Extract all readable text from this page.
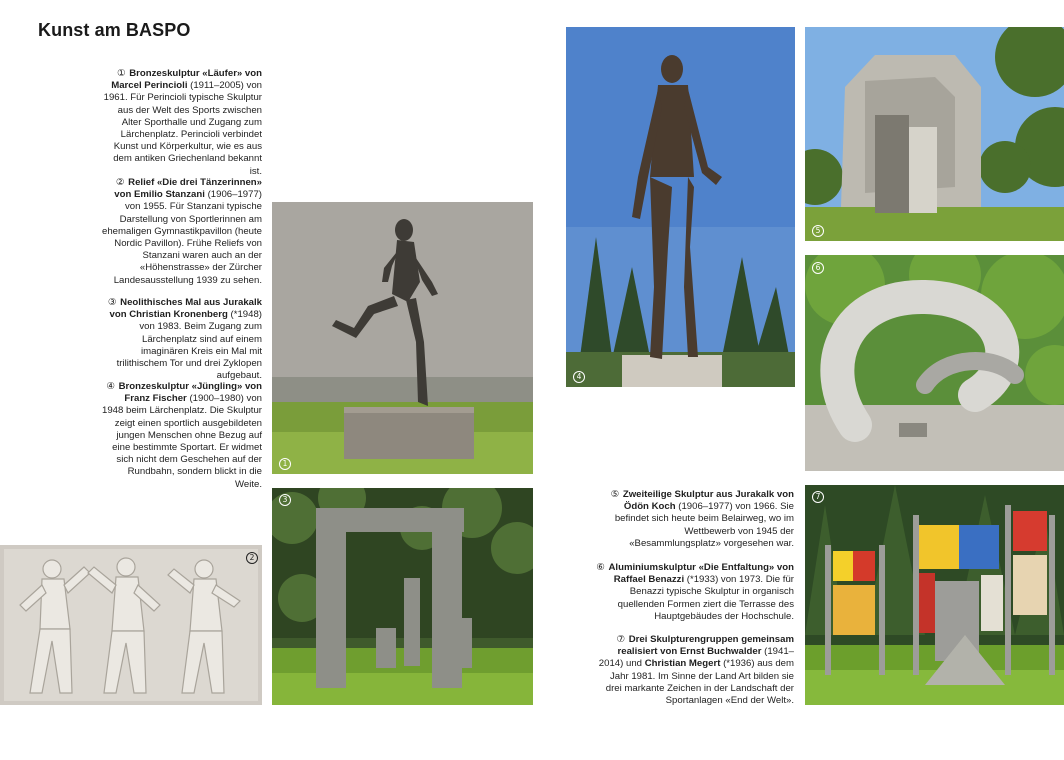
Kunst am BASPO
① Bronzeskulptur «Läufer» von Marcel Perincioli (1911–2005) von 1961. Für Perincioli typische Skulptur aus der Welt des Sports zwischen Alter Sporthalle und Zugang zum Lärchenplatz. Perincioli verbindet Kunst und Körperkultur, wie es aus dem antiken Griechenland bekannt ist.
② Relief «Die drei Tänzerinnen» von Emilio Stanzani (1906–1977) von 1955. Für Stanzani typische Darstellung von Sportlerinnen am ehemaligen Gymnastikpavillon (heute Nordic Pavillon). Frühe Reliefs von Stanzani waren auch an der «Höhenstrasse» der Zürcher Landesausstellung 1939 zu sehen.
③ Neolithisches Mal aus Jurakalk von Christian Kronenberg (*1948) von 1983. Beim Zugang zum Lärchenplatz sind auf einem imaginären Kreis ein Mal mit trilithischem Tor und drei Zyklopen aufgebaut.
④ Bronzeskulptur «Jüngling» von Franz Fischer (1900–1980) von 1948 beim Lärchenplatz. Die Skulptur zeigt einen sportlich ausgebildeten jungen Menschen ohne Bezug auf eine bestimmte Sportart. Er widmet sich nicht dem Geschehen auf der Rundbahn, sondern blickt in die Weite.
⑤ Zweiteilige Skulptur aus Jurakalk von Ödön Koch (1906–1977) von 1966. Sie befindet sich heute beim Belairweg, wo im Wettbewerb von 1945 der «Besammlungsplatz» vorgesehen war.
⑥ Aluminiumskulptur «Die Entfaltung» von Raffael Benazzi (*1933) von 1973. Die für Benazzi typische Skulptur in organisch quellenden Formen ziert die Terrasse des Hauptgebäudes der Hochschule.
⑦ Drei Skulpturengruppen gemeinsam realisiert von Ernst Buchwalder (1941–2014) und Christian Megert (*1936) aus dem Jahr 1981. Im Sinne der Land Art bilden sie drei markante Zeichen in der Landschaft der Sportanlagen «End der Welt».
1
2
3
4
5
6
7
